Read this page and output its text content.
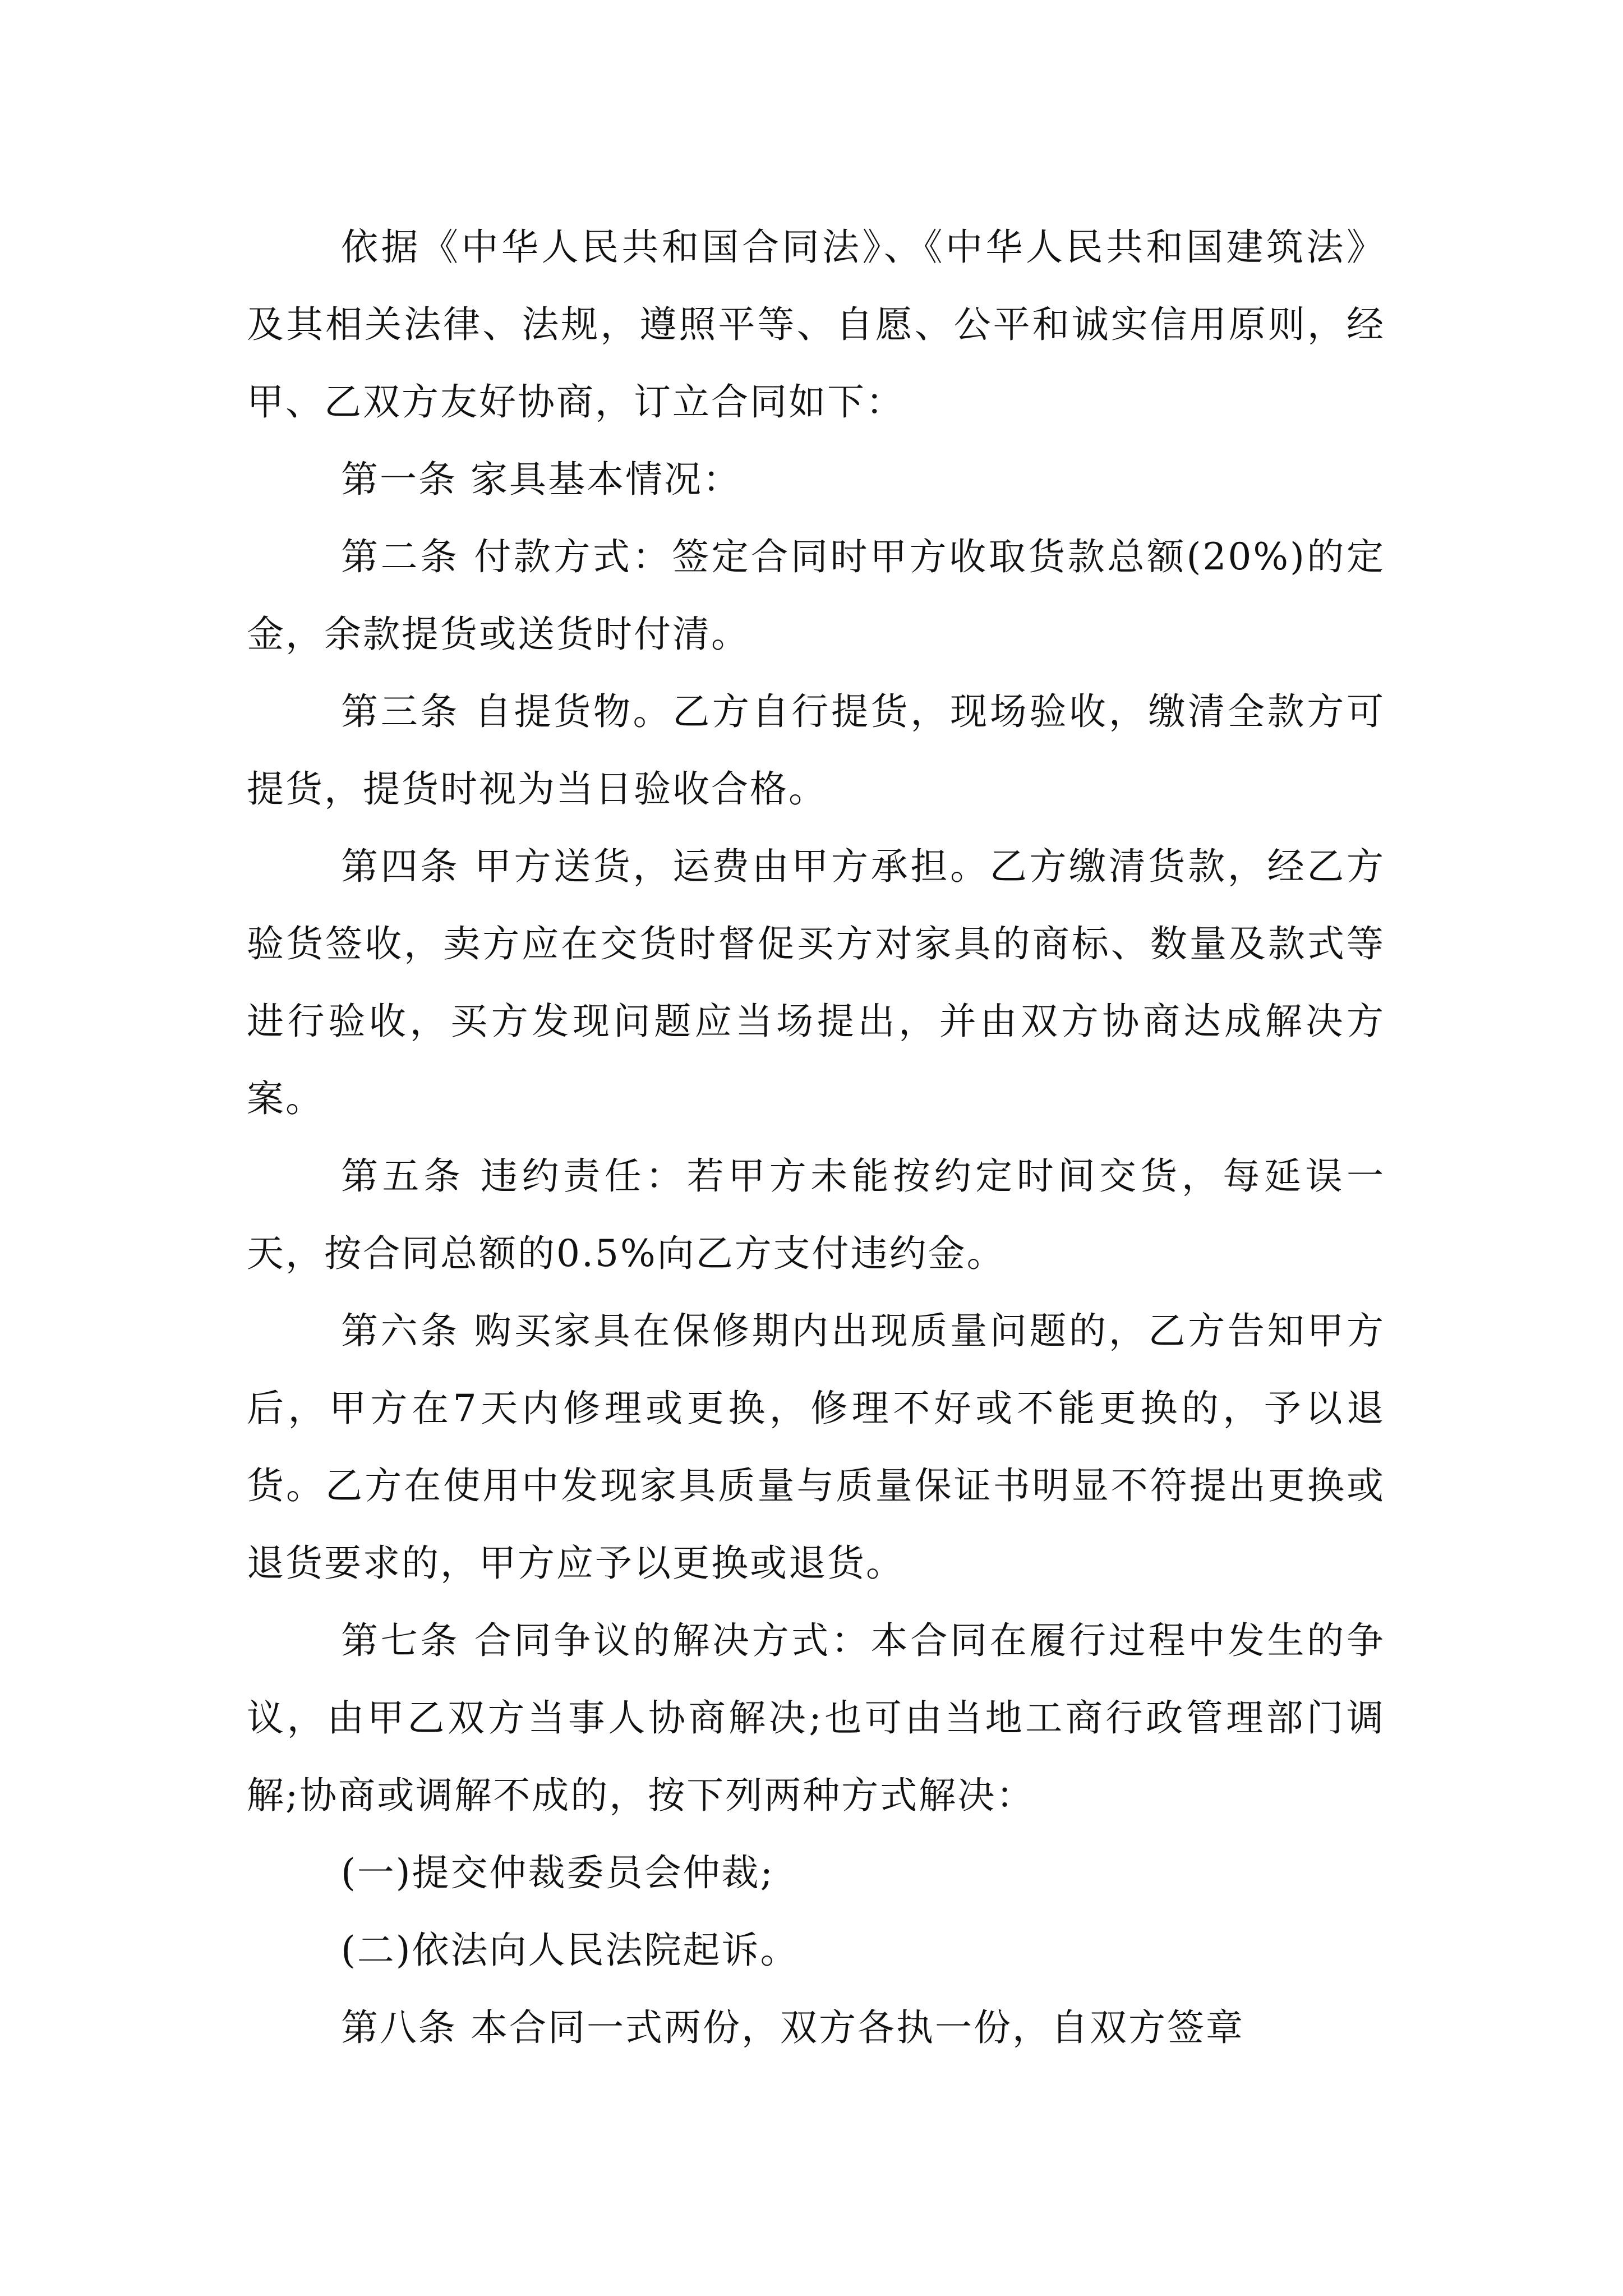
依据《中华人民共和国合同法》、《中华人民共和国建筑法》及其相关法律、法规，遵照平等、自愿、公平和诚实信用原则，经甲、乙双方友好协商，订立合同如下：

第一条 家具基本情况：

第二条 付款方式：签定合同时甲方收取货款总额(20%)的定金，余款提货或送货时付清。

第三条 自提货物。乙方自行提货，现场验收，缴清全款方可提货，提货时视为当日验收合格。

第四条 甲方送货，运费由甲方承担。乙方缴清货款，经乙方验货签收，卖方应在交货时督促买方对家具的商标、数量及款式等进行验收，买方发现问题应当场提出，并由双方协商达成解决方案。

第五条 违约责任：若甲方未能按约定时间交货，每延误一天，按合同总额的0.5%向乙方支付违约金。

第六条 购买家具在保修期内出现质量问题的，乙方告知甲方后，甲方在7天内修理或更换，修理不好或不能更换的，予以退货。乙方在使用中发现家具质量与质量保证书明显不符提出更换或退货要求的，甲方应予以更换或退货。

第七条 合同争议的解决方式：本合同在履行过程中发生的争议，由甲乙双方当事人协商解决;也可由当地工商行政管理部门调解;协商或调解不成的，按下列两种方式解决：

(一)提交仲裁委员会仲裁;

(二)依法向人民法院起诉。

第八条 本合同一式两份，双方各执一份，自双方签章
